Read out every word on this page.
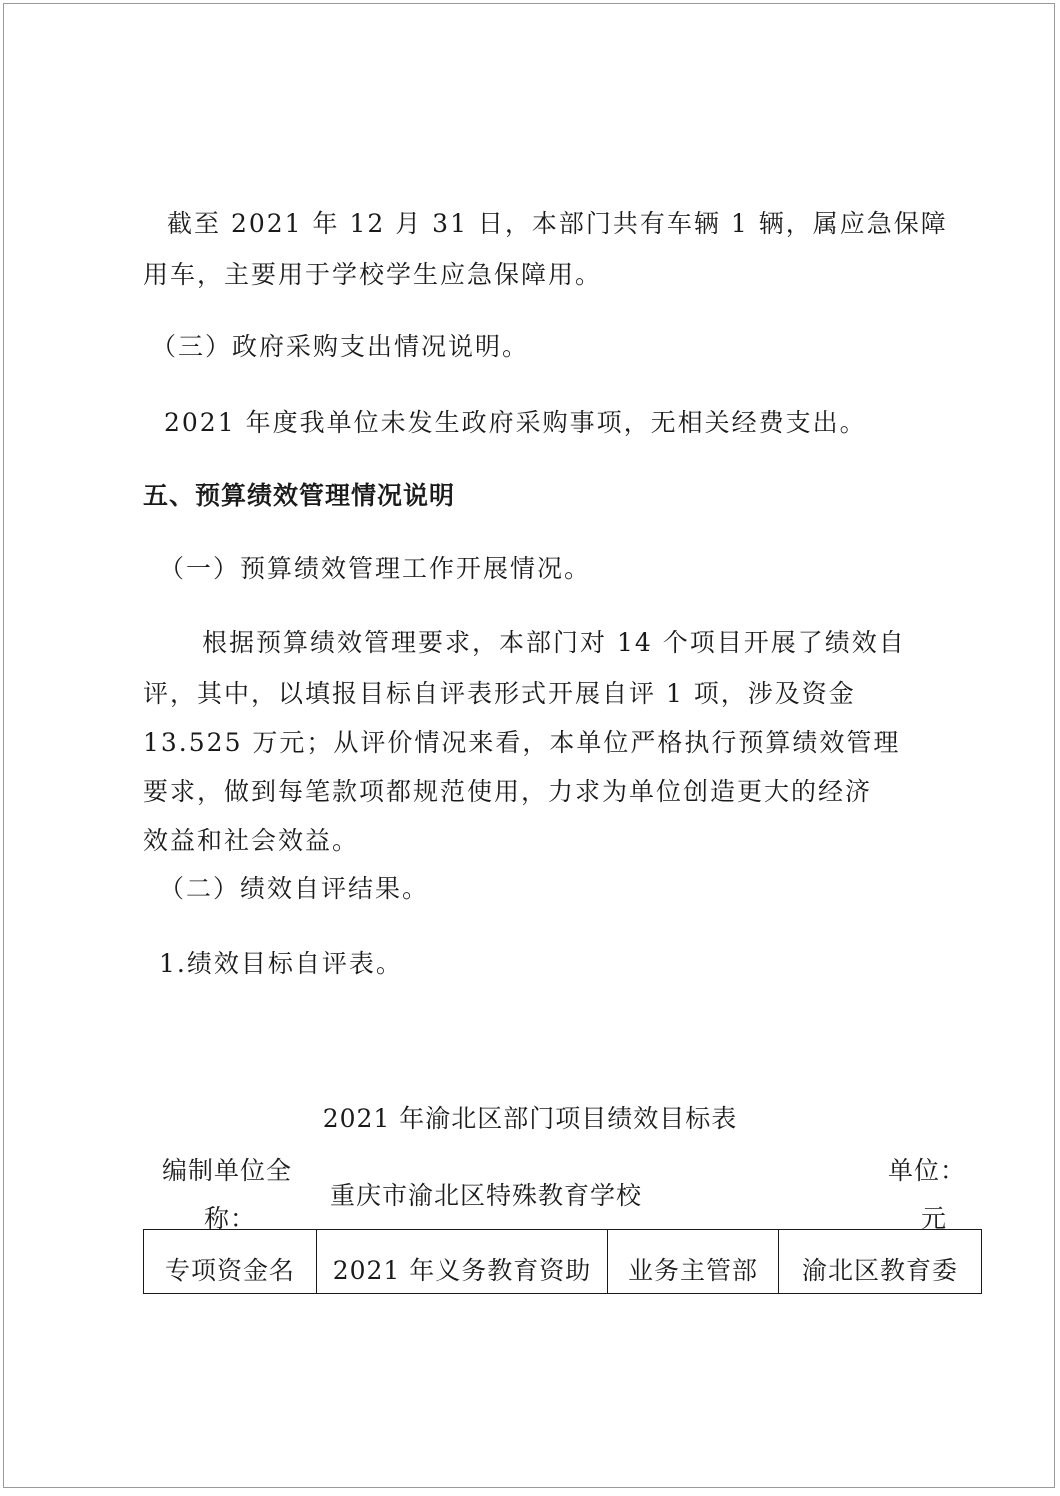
截至 2021 年 12 月 31 日，本部门共有车辆 1 辆，属应急保障
用车，主要用于学校学生应急保障用。
（三）政府采购支出情况说明。
2021 年度我单位未发生政府采购事项，无相关经费支出。
五、预算绩效管理情况说明
（一）预算绩效管理工作开展情况。
根据预算绩效管理要求，本部门对 14 个项目开展了绩效自
评，其中，以填报目标自评表形式开展自评 1 项，涉及资金
13.525 万元；从评价情况来看，本单位严格执行预算绩效管理
要求，做到每笔款项都规范使用，力求为单位创造更大的经济
效益和社会效益。
（二）绩效自评结果。
1.绩效目标自评表。
2021 年渝北区部门项目绩效目标表
编制单位全
称：
重庆市渝北区特殊教育学校
单位：
元
专项资金名	2021 年义务教育资助	业务主管部	渝北区教育委
